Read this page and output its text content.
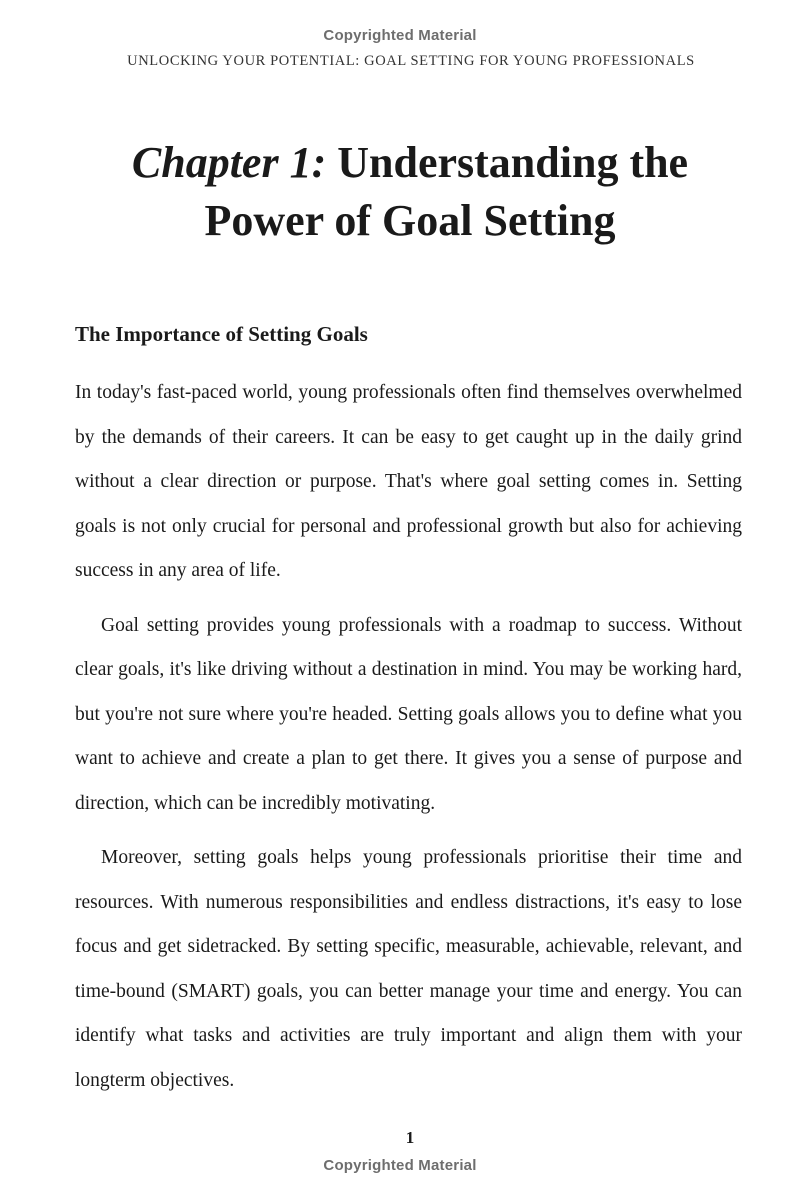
Copyrighted Material
UNLOCKING YOUR POTENTIAL: GOAL SETTING FOR YOUNG PROFESSIONALS
Chapter 1: Understanding the
Power of Goal Setting
The Importance of Setting Goals

In today's fast-paced world, young professionals often find themselves overwhelmed by the demands of their careers. It can be easy to get caught up in the daily grind without a clear direction or purpose. That's where goal setting comes in. Setting goals is not only crucial for personal and professional growth but also for achieving success in any area of life.

Goal setting provides young professionals with a roadmap to success. Without clear goals, it's like driving without a destination in mind. You may be working hard, but you're not sure where you're headed. Setting goals allows you to define what you want to achieve and create a plan to get there. It gives you a sense of purpose and direction, which can be incredibly motivating.

Moreover, setting goals helps young professionals prioritise their time and resources. With numerous responsibilities and endless distractions, it's easy to lose focus and get sidetracked. By setting specific, measurable, achievable, relevant, and time-bound (SMART) goals, you can better manage your time and energy. You can identify what tasks and activities are truly important and align them with your longterm objectives.

1
Copyrighted Material
